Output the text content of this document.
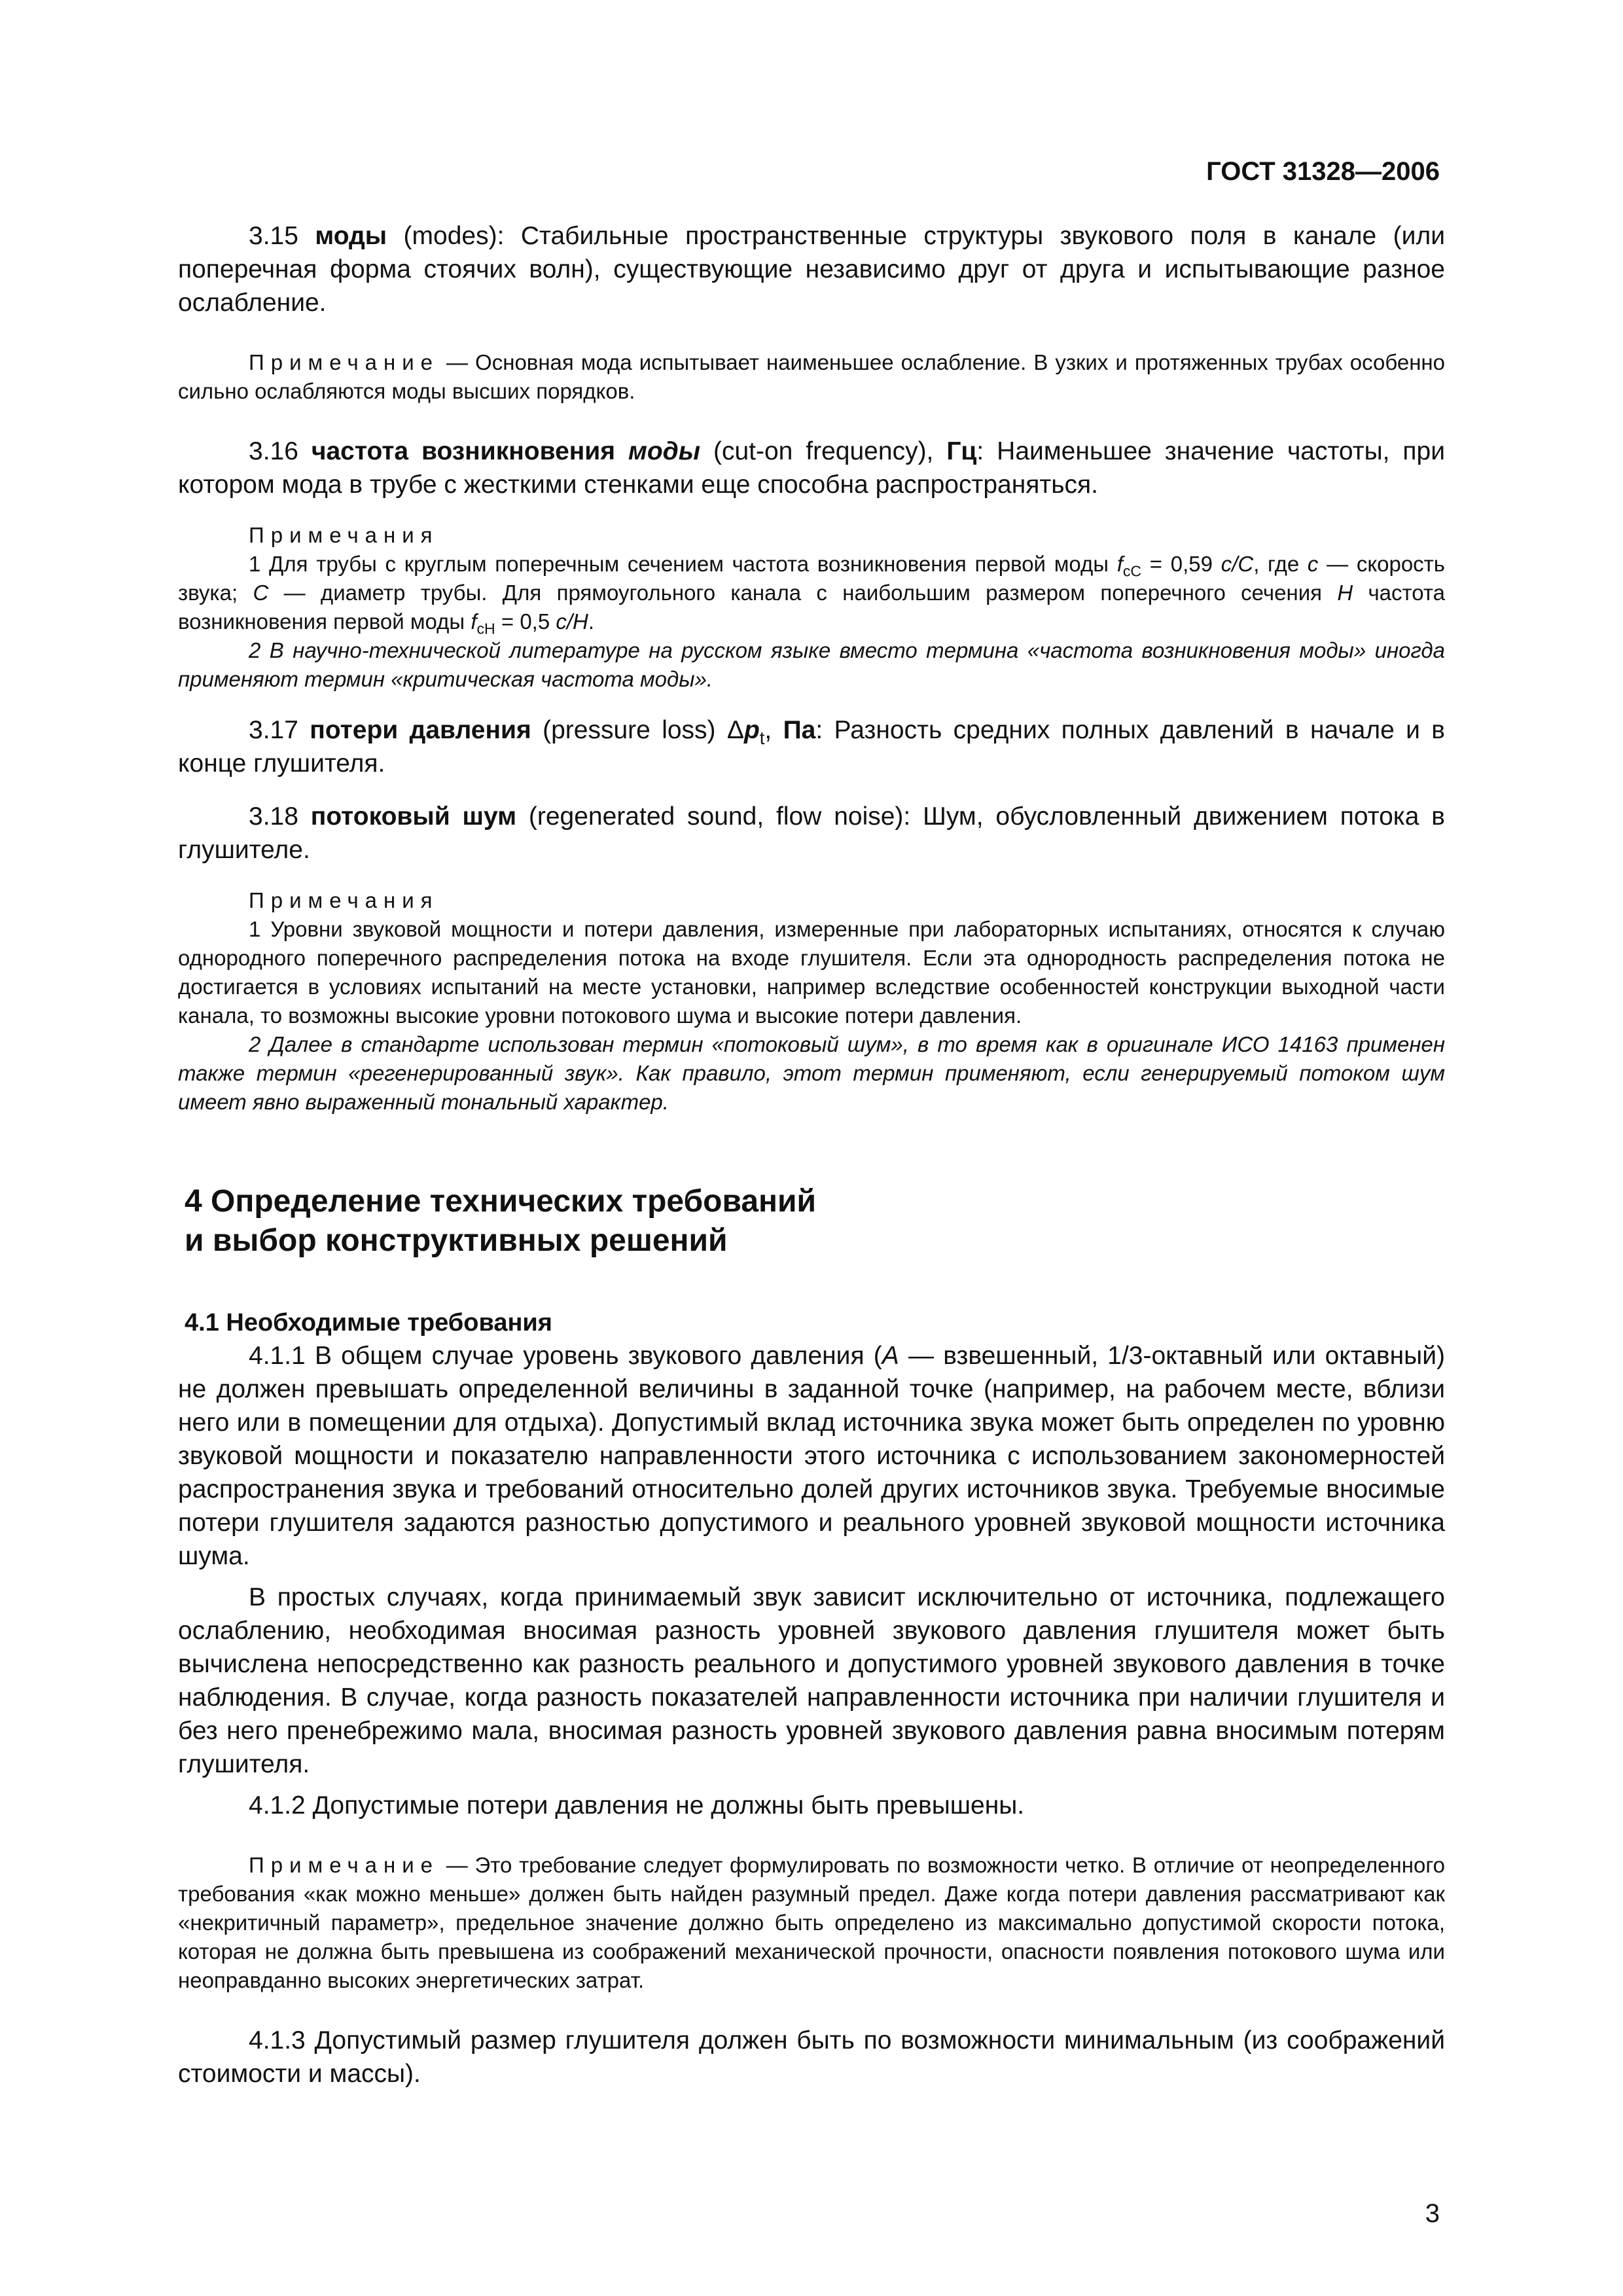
ГОСТ 31328—2006

3.15 моды (modes): Стабильные пространственные структуры звукового поля в канале (или поперечная форма стоячих волн), существующие независимо друг от друга и испытывающие разное ослабление.

Примечание — Основная мода испытывает наименьшее ослабление. В узких и протяженных трубах особенно сильно ослабляются моды высших порядков.

3.16 частота возникновения моды (cut-on frequency), Гц: Наименьшее значение частоты, при котором мода в трубе с жесткими стенками еще способна распространяться.

Примечания

1 Для трубы с круглым поперечным сечением частота возникновения первой моды $f_{cC} = 0,59$ c/C, где c — скорость звука; C — диаметр трубы. Для прямоугольного канала с наибольшим размером поперечного сечения H частота возникновения первой моды $f_{cH} = 0,5$ c/H.

2 В научно-технической литературе на русском языке вместо термина «частота возникновения моды» иногда применяют термин «критическая частота моды».

3.17 потери давления (pressure loss) $\Delta p_t$, Па: Разность средних полных давлений в начале и в конце глушителя.

3.18 потоковый шум (regenerated sound, flow noise): Шум, обусловленный движением потока в глушителе.

Примечания

1 Уровни звуковой мощности и потери давления, измеренные при лабораторных испытаниях, относятся к случаю однородного поперечного распределения потока на входе глушителя. Если эта однородность распределения потока не достигается в условиях испытаний на месте установки, например вследствие особенностей конструкции выходной части канала, то возможны высокие уровни потокового шума и высокие потери давления.

2 Далее в стандарте использован термин «потоковый шум», в то время как в оригинале ИСО 14163 применен также термин «регенерированный звук». Как правило, этот термин применяют, если генерируемый потоком шум имеет явно выраженный тональный характер.

4 Определение технических требований
и выбор конструктивных решений
4.1 Необходимые требования

4.1.1 В общем случае уровень звукового давления (A — взвешенный, 1/3-октавный или октавный) не должен превышать определенной величины в заданной точке (например, на рабочем месте, вблизи него или в помещении для отдыха). Допустимый вклад источника звука может быть определен по уровню звуковой мощности и показателю направленности этого источника с использованием закономерностей распространения звука и требований относительно долей других источников звука. Требуемые вносимые потери глушителя задаются разностью допустимого и реального уровней звуковой мощности источника шума.

В простых случаях, когда принимаемый звук зависит исключительно от источника, подлежащего ослаблению, необходимая вносимая разность уровней звукового давления глушителя может быть вычислена непосредственно как разность реального и допустимого уровней звукового давления в точке наблюдения. В случае, когда разность показателей направленности источника при наличии глушителя и без него пренебрежимо мала, вносимая разность уровней звукового давления равна вносимым потерям глушителя.

4.1.2 Допустимые потери давления не должны быть превышены.

Примечание — Это требование следует формулировать по возможности четко. В отличие от неопределенного требования «как можно меньше» должен быть найден разумный предел. Даже когда потери давления рассматривают как «некритичный параметр», предельное значение должно быть определено из максимально допустимой скорости потока, которая не должна быть превышена из соображений механической прочности, опасности появления потокового шума или неоправданно высоких энергетических затрат.

4.1.3 Допустимый размер глушителя должен быть по возможности минимальным (из соображений стоимости и массы).

3
